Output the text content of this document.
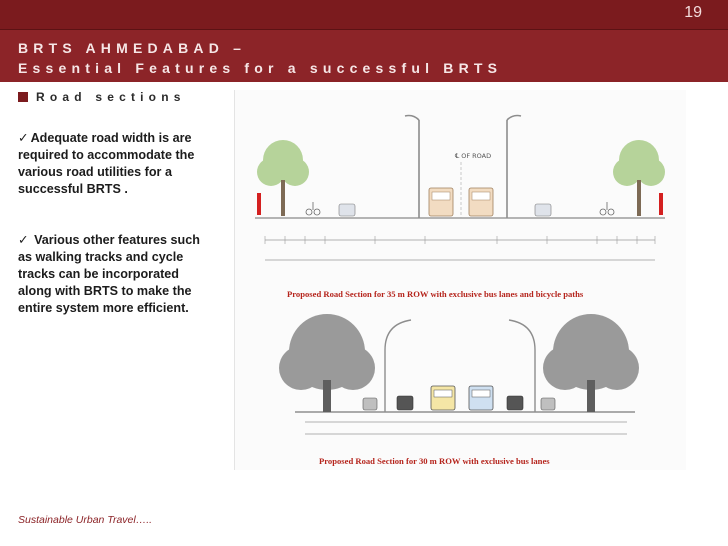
19
BRTS AHMEDABAD –
Essential Features for a successful BRTS
Road sections
✓ Adequate road width is are required to accommodate the various road utilities for a successful BRTS .
✓ Various other features such as walking tracks and cycle tracks can be incorporated along with BRTS to make the entire system more efficient.
℄ OF ROAD
Proposed Road Section for 35 m ROW with exclusive bus lanes and bicycle paths
Proposed Road Section for 30 m ROW with exclusive bus lanes
Sustainable Urban Travel…..
